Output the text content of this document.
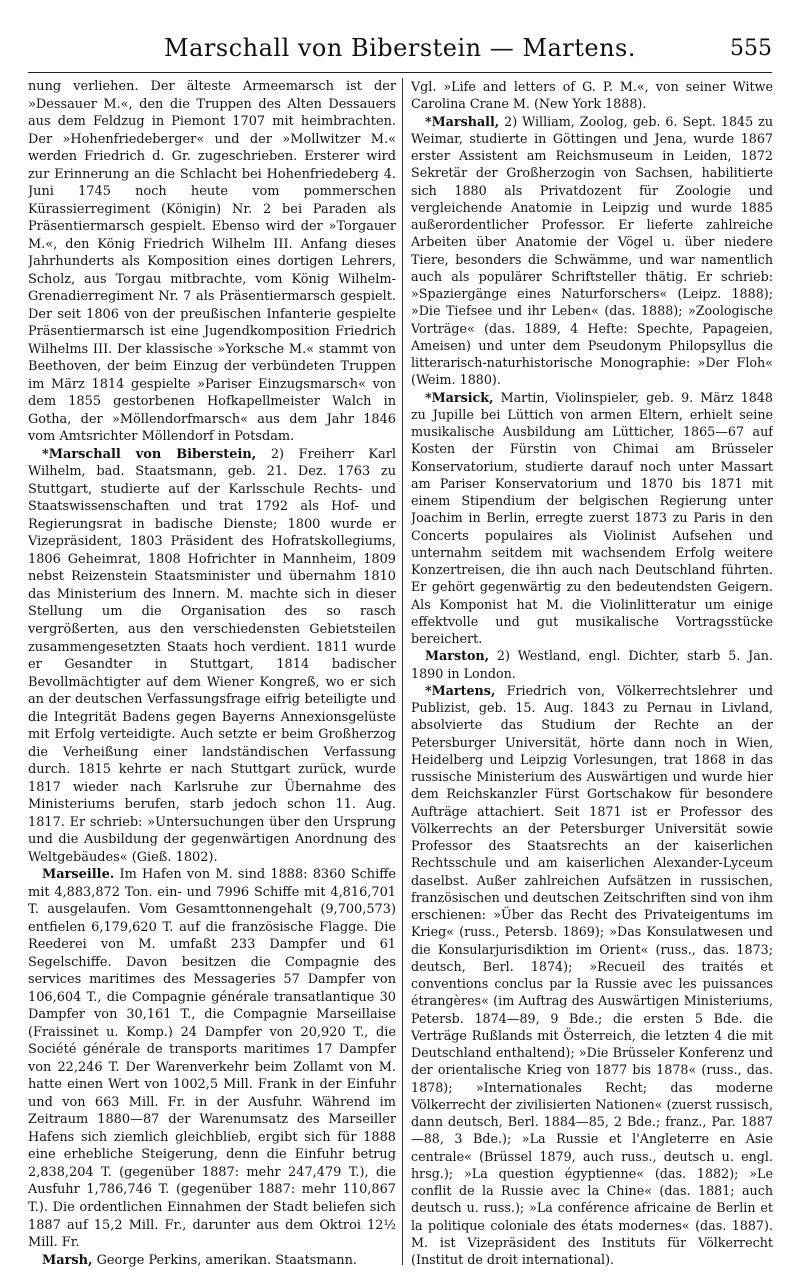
Marschall von Biberstein — Martens.	555

nung verliehen. Der älteste Armeemarsch ist der »Dessauer M.«, den die Truppen des Alten Dessauers aus dem Feldzug in Piemont 1707 mit heimbrachten. Der »Hohenfriedeberger« und der »Mollwitzer M.« werden Friedrich d. Gr. zugeschrieben. Ersterer wird zur Erinnerung an die Schlacht bei Hohenfriedeberg 4. Juni 1745 noch heute vom pommerschen Kürassierregiment (Königin) Nr. 2 bei Paraden als Präsentiermarsch gespielt. Ebenso wird der »Torgauer M.«, den König Friedrich Wilhelm III. Anfang dieses Jahrhunderts als Komposition eines dortigen Lehrers, Scholz, aus Torgau mitbrachte, vom König Wilhelm-Grenadierregiment Nr. 7 als Präsentiermarsch gespielt. Der seit 1806 von der preußischen Infanterie gespielte Präsentiermarsch ist eine Jugendkomposition Friedrich Wilhelms III. Der klassische »Yorksche M.« stammt von Beethoven, der beim Einzug der verbündeten Truppen im März 1814 gespielte »Pariser Einzugsmarsch« von dem 1855 gestorbenen Hofkapellmeister Walch in Gotha, der »Möllendorfmarsch« aus dem Jahr 1846 vom Amtsrichter Möllendorf in Potsdam.

*Marschall von Biberstein, 2) Freiherr Karl Wilhelm, bad. Staatsmann, geb. 21. Dez. 1763 zu Stuttgart, studierte auf der Karlsschule Rechts- und Staatswissenschaften und trat 1792 als Hof- und Regierungsrat in badische Dienste; 1800 wurde er Vizepräsident, 1803 Präsident des Hofratskollegiums, 1806 Geheimrat, 1808 Hofrichter in Mannheim, 1809 nebst Reizenstein Staatsminister und übernahm 1810 das Ministerium des Innern. M. machte sich in dieser Stellung um die Organisation des so rasch vergrößerten, aus den verschiedensten Gebietsteilen zusammengesetzten Staats hoch verdient. 1811 wurde er Gesandter in Stuttgart, 1814 badischer Bevollmächtigter auf dem Wiener Kongreß, wo er sich an der deutschen Verfassungsfrage eifrig beteiligte und die Integrität Badens gegen Bayerns Annexionsgelüste mit Erfolg verteidigte. Auch setzte er beim Großherzog die Verheißung einer landständischen Verfassung durch. 1815 kehrte er nach Stuttgart zurück, wurde 1817 wieder nach Karlsruhe zur Übernahme des Ministeriums berufen, starb jedoch schon 11. Aug. 1817. Er schrieb: »Untersuchungen über den Ursprung und die Ausbildung der gegenwärtigen Anordnung des Weltgebäudes« (Gieß. 1802).

Marseille. Im Hafen von M. sind 1888: 8360 Schiffe mit 4,883,872 Ton. ein- und 7996 Schiffe mit 4,816,701 T. ausgelaufen. Vom Gesamttonnengehalt (9,700,573) entfielen 6,179,620 T. auf die französische Flagge. Die Reederei von M. umfaßt 233 Dampfer und 61 Segelschiffe. Davon besitzen die Compagnie des services maritimes des Messageries 57 Dampfer von 106,604 T., die Compagnie générale transatlantique 30 Dampfer von 30,161 T., die Compagnie Marseillaise (Fraissinet u. Komp.) 24 Dampfer von 20,920 T., die Société générale de transports maritimes 17 Dampfer von 22,246 T. Der Warenverkehr beim Zollamt von M. hatte einen Wert von 1002,5 Mill. Frank in der Einfuhr und von 663 Mill. Fr. in der Ausfuhr. Während im Zeitraum 1880—87 der Warenumsatz des Marseiller Hafens sich ziemlich gleichblieb, ergibt sich für 1888 eine erhebliche Steigerung, denn die Einfuhr betrug 2,838,204 T. (gegenüber 1887: mehr 247,479 T.), die Ausfuhr 1,786,746 T. (gegenüber 1887: mehr 110,867 T.). Die ordentlichen Einnahmen der Stadt beliefen sich 1887 auf 15,2 Mill. Fr., darunter aus dem Oktroi 12½ Mill. Fr.

Marsh, George Perkins, amerikan. Staatsmann.

Vgl. »Life and letters of G. P. M.«, von seiner Witwe Carolina Crane M. (New York 1888).

*Marshall, 2) William, Zoolog, geb. 6. Sept. 1845 zu Weimar, studierte in Göttingen und Jena, wurde 1867 erster Assistent am Reichsmuseum in Leiden, 1872 Sekretär der Großherzogin von Sachsen, habilitierte sich 1880 als Privatdozent für Zoologie und vergleichende Anatomie in Leipzig und wurde 1885 außerordentlicher Professor. Er lieferte zahlreiche Arbeiten über Anatomie der Vögel u. über niedere Tiere, besonders die Schwämme, und war namentlich auch als populärer Schriftsteller thätig. Er schrieb: »Spaziergänge eines Naturforschers« (Leipz. 1888); »Die Tiefsee und ihr Leben« (das. 1888); »Zoologische Vorträge« (das. 1889, 4 Hefte: Spechte, Papageien, Ameisen) und unter dem Pseudonym Philopsyllus die litterarisch-naturhistorische Monographie: »Der Floh« (Weim. 1880).

*Marsick, Martin, Violinspieler, geb. 9. März 1848 zu Jupille bei Lüttich von armen Eltern, erhielt seine musikalische Ausbildung am Lütticher, 1865—67 auf Kosten der Fürstin von Chimai am Brüsseler Konservatorium, studierte darauf noch unter Massart am Pariser Konservatorium und 1870 bis 1871 mit einem Stipendium der belgischen Regierung unter Joachim in Berlin, erregte zuerst 1873 zu Paris in den Concerts populaires als Violinist Aufsehen und unternahm seitdem mit wachsendem Erfolg weitere Konzertreisen, die ihn auch nach Deutschland führten. Er gehört gegenwärtig zu den bedeutendsten Geigern. Als Komponist hat M. die Violinlitteratur um einige effektvolle und gut musikalische Vortragsstücke bereichert.

Marston, 2) Westland, engl. Dichter, starb 5. Jan. 1890 in London.

*Martens, Friedrich von, Völkerrechtslehrer und Publizist, geb. 15. Aug. 1843 zu Pernau in Livland, absolvierte das Studium der Rechte an der Petersburger Universität, hörte dann noch in Wien, Heidelberg und Leipzig Vorlesungen, trat 1868 in das russische Ministerium des Auswärtigen und wurde hier dem Reichskanzler Fürst Gortschakow für besondere Aufträge attachiert. Seit 1871 ist er Professor des Völkerrechts an der Petersburger Universität sowie Professor des Staatsrechts an der kaiserlichen Rechtsschule und am kaiserlichen Alexander-Lyceum daselbst. Außer zahlreichen Aufsätzen in russischen, französischen und deutschen Zeitschriften sind von ihm erschienen: »Über das Recht des Privateigentums im Krieg« (russ., Petersb. 1869); »Das Konsulatwesen und die Konsularjurisdiktion im Orient« (russ., das. 1873; deutsch, Berl. 1874); »Recueil des traités et conventions conclus par la Russie avec les puissances étrangères« (im Auftrag des Auswärtigen Ministeriums, Petersb. 1874—89, 9 Bde.; die ersten 5 Bde. die Verträge Rußlands mit Österreich, die letzten 4 die mit Deutschland enthaltend); »Die Brüsseler Konferenz und der orientalische Krieg von 1877 bis 1878« (russ., das. 1878); »Internationales Recht; das moderne Völkerrecht der zivilisierten Nationen« (zuerst russisch, dann deutsch, Berl. 1884—85, 2 Bde.; franz., Par. 1887—88, 3 Bde.); »La Russie et l'Angleterre en Asie centrale« (Brüssel 1879, auch russ., deutsch u. engl. hrsg.); »La question égyptienne« (das. 1882); »Le conflit de la Russie avec la Chine« (das. 1881; auch deutsch u. russ.); »La conférence africaine de Berlin et la politique coloniale des états modernes« (das. 1887). M. ist Vizepräsident des Instituts für Völkerrecht (Institut de droit international).
